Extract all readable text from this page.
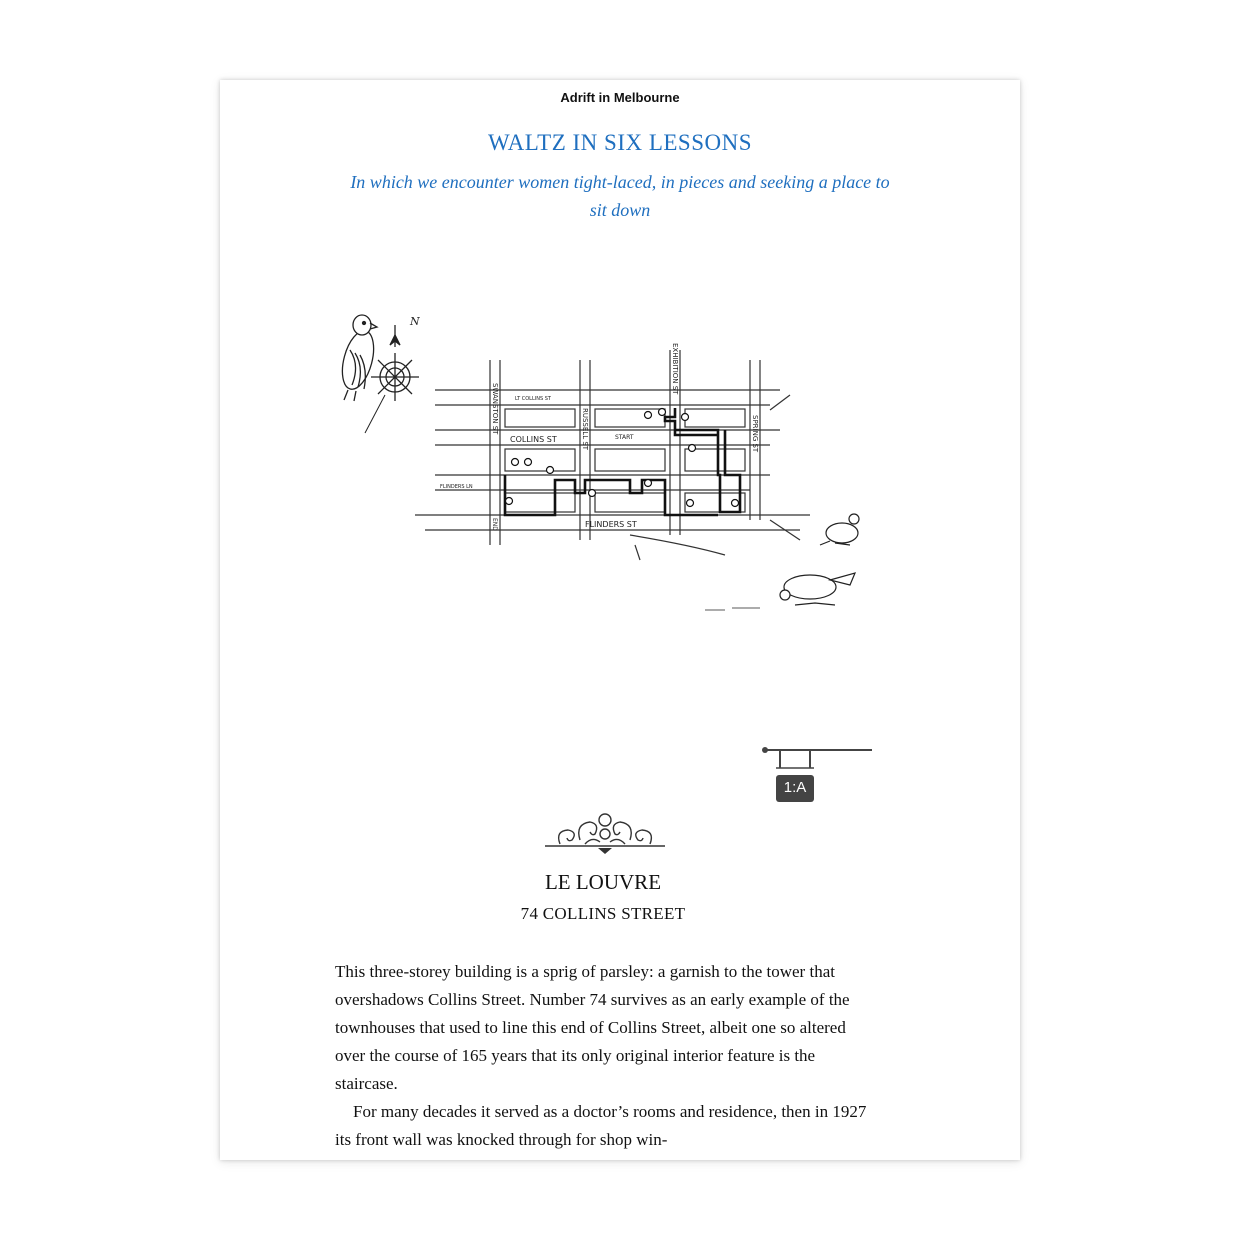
Adrift in Melbourne
WALTZ IN SIX LESSONS
In which we encounter women tight-laced, in pieces and seeking a place to sit down
N
LT COLLINS ST
COLLINS ST
FLINDERS LN
FLINDERS ST
START
SWANSTON ST	RUSSELL ST
EXHIBITION ST
SPRING ST
END
1:A
LE LOUVRE
74 COLLINS STREET

This three-storey building is a sprig of parsley: a garnish to the tower that overshadows Collins Street. Number 74 survives as an early example of the townhouses that used to line this end of Collins Street, albeit one so altered over the course of 165 years that its only original interior feature is the staircase.

For many decades it served as a doctor’s rooms and residence, then in 1927 its front wall was knocked through for shop win-
